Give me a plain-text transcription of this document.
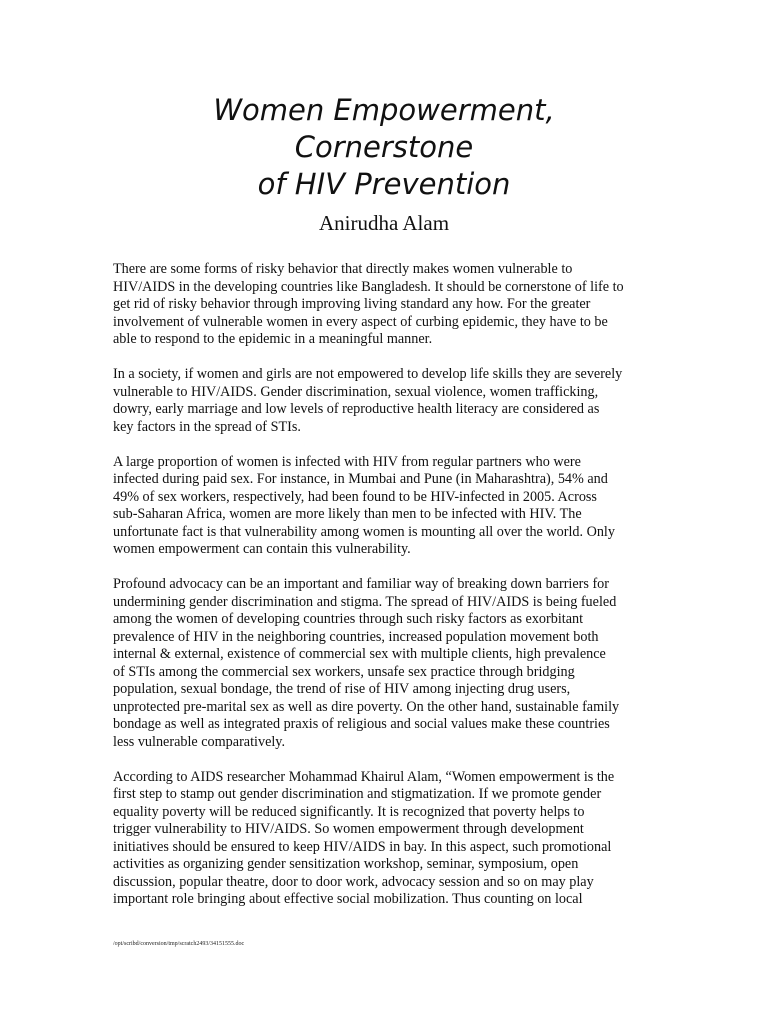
Women Empowerment,
Cornerstone
of HIV Prevention
Anirudha Alam

There are some forms of risky behavior that directly makes women vulnerable to
HIV/AIDS in the developing countries like Bangladesh. It should be cornerstone of life to
get rid of risky behavior through improving living standard any how. For the greater
involvement of vulnerable women in every aspect of curbing epidemic, they have to be
able to respond to the epidemic in a meaningful manner.

In a society, if women and girls are not empowered to develop life skills they are severely
vulnerable to HIV/AIDS. Gender discrimination, sexual violence, women trafficking,
dowry, early marriage and low levels of reproductive health literacy are considered as
key factors in the spread of STIs.

A large proportion of women is infected with HIV from regular partners who were
infected during paid sex. For instance, in Mumbai and Pune (in Maharashtra), 54% and
49% of sex workers, respectively, had been found to be HIV-infected in 2005. Across
sub-Saharan Africa, women are more likely than men to be infected with HIV. The
unfortunate fact is that vulnerability among women is mounting all over the world. Only
women empowerment can contain this vulnerability.

Profound advocacy can be an important and familiar way of breaking down barriers for
undermining gender discrimination and stigma. The spread of HIV/AIDS is being fueled
among the women of developing countries through such risky factors as exorbitant
prevalence of HIV in the neighboring countries, increased population movement both
internal & external, existence of commercial sex with multiple clients, high prevalence
of STIs among the commercial sex workers, unsafe sex practice through bridging
population, sexual bondage, the trend of rise of HIV among injecting drug users,
unprotected pre-marital sex as well as dire poverty. On the other hand, sustainable family
bondage as well as integrated praxis of religious and social values make these countries
less vulnerable comparatively.

According to AIDS researcher Mohammad Khairul Alam, “Women empowerment is the
first step to stamp out gender discrimination and stigmatization. If we promote gender
equality poverty will be reduced significantly. It is recognized that poverty helps to
trigger vulnerability to HIV/AIDS. So women empowerment through development
initiatives should be ensured to keep HIV/AIDS in bay. In this aspect, such promotional
activities as organizing gender sensitization workshop, seminar, symposium, open
discussion, popular theatre, door to door work, advocacy session and so on may play
important role bringing about effective social mobilization. Thus counting on local

/opt/scribd/conversion/tmp/scratch2493/34151555.doc
